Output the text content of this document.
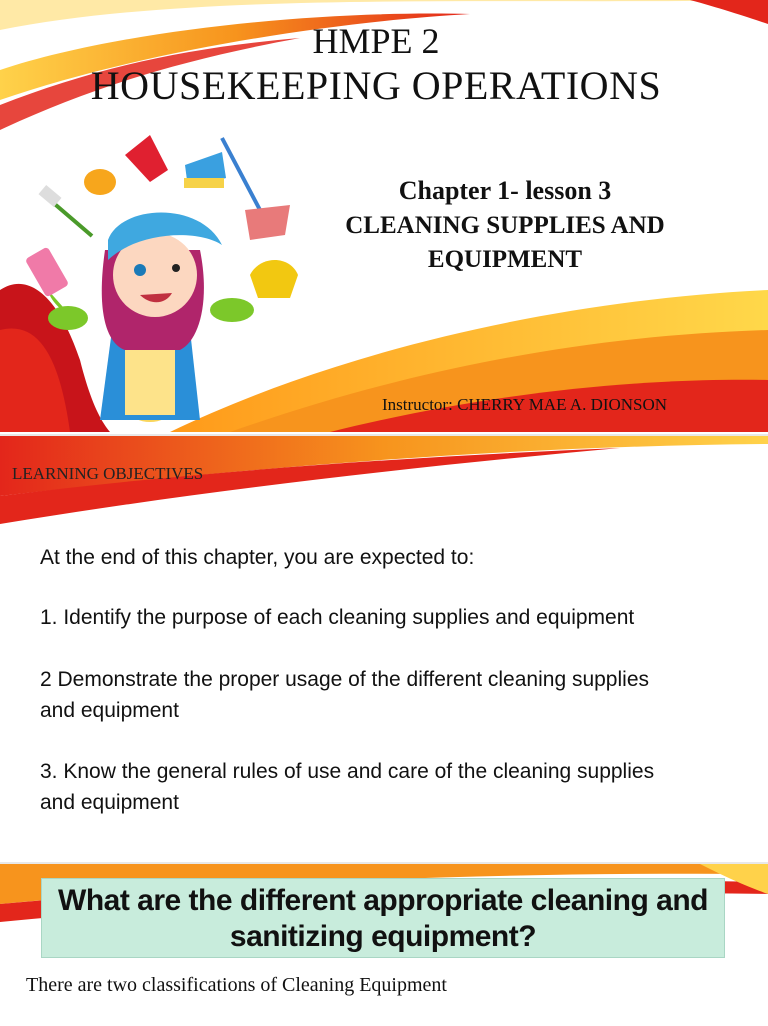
HMPE 2
HOUSEKEEPING OPERATIONS
Chapter 1- lesson 3
CLEANING SUPPLIES AND
EQUIPMENT
Instructor: CHERRY MAE A. DIONSON
LEARNING OBJECTIVES
At the end of this chapter, you are expected to:
1. Identify the purpose of each cleaning supplies and equipment
2 Demonstrate the proper usage of the different cleaning supplies and equipment
3. Know the general rules of use and care of the cleaning supplies and equipment
What are the different appropriate cleaning and sanitizing equipment?
There are two classifications of Cleaning Equipment
